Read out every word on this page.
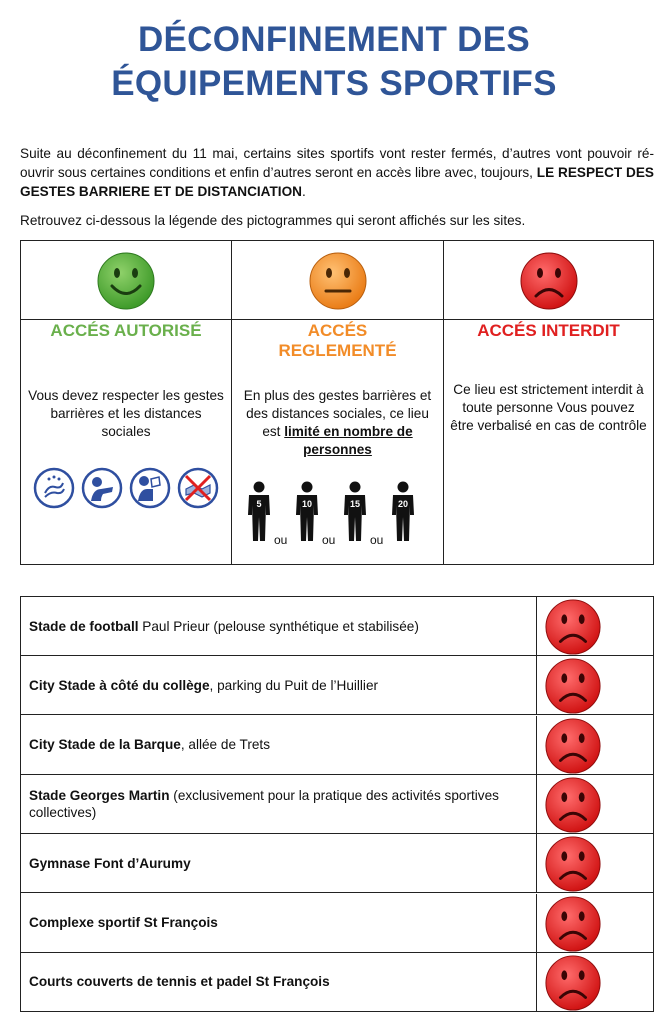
DÉCONFINEMENT DES
ÉQUIPEMENTS SPORTIFS

Suite au déconfinement du 11 mai, certains sites sportifs vont rester fermés, d’autres vont pouvoir ré-ouvrir sous certaines conditions et enfin d’autres seront en accès libre avec, toujours, LE RESPECT DES GESTES BARRIERE ET DE DISTANCIATION.

Retrouvez ci-dessous la légende des pictogrammes qui seront affichés sur les sites.

ACCÉS AUTORISÉ
Vous devez respecter les gestes barrières et les distances sociales
ACCÉS
REGLEMENTÉ
En plus des gestes barrières et des distances sociales, ce lieu est limité en nombre de personnes
5
ou
10
ou
15
ou
20
ACCÉS INTERDIT
Ce lieu est strictement interdit à toute personne Vous pouvez être verbalisé en cas de contrôle
Stade de football Paul Prieur (pelouse synthétique et stabilisée)
City Stade à côté du collège, parking du Puit de l’Huillier
City Stade de la Barque, allée de Trets
Stade Georges Martin (exclusivement pour la pratique des activités sportives collectives)
Gymnase Font d’Aurumy
Complexe sportif St François
Courts couverts de tennis et padel St François
